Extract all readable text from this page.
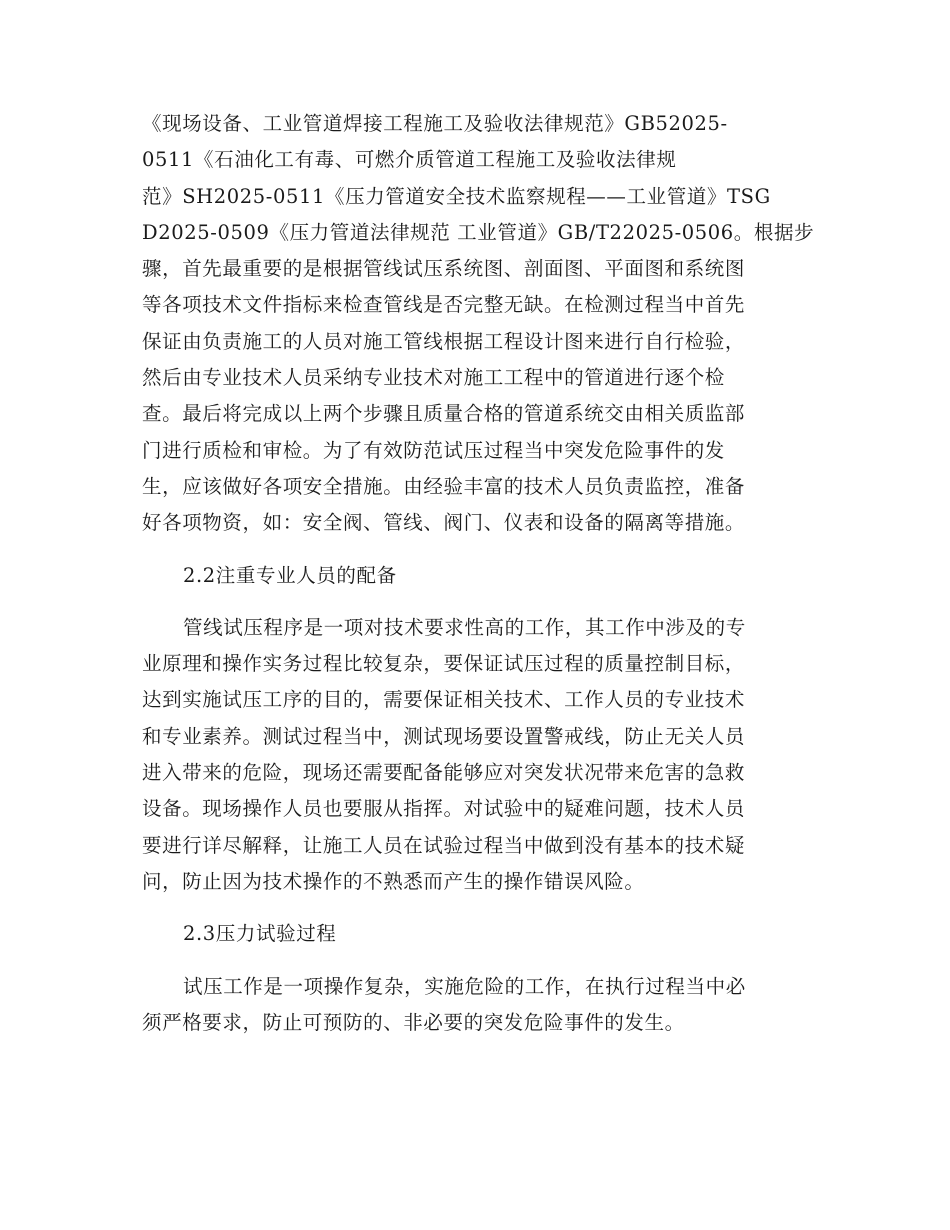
《现场设备、工业管道焊接工程施工及验收法律规范》GB52025-
0511《石油化工有毒、可燃介质管道工程施工及验收法律规
范》SH2025-0511《压力管道安全技术监察规程——工业管道》TSG
D2025-0509《压力管道法律规范 工业管道》GB/T22025-0506。根据步
骤，首先最重要的是根据管线试压系统图、剖面图、平面图和系统图
等各项技术文件指标来检查管线是否完整无缺。在检测过程当中首先
保证由负责施工的人员对施工管线根据工程设计图来进行自行检验，
然后由专业技术人员采纳专业技术对施工工程中的管道进行逐个检
查。最后将完成以上两个步骤且质量合格的管道系统交由相关质监部
门进行质检和审检。为了有效防范试压过程当中突发危险事件的发
生，应该做好各项安全措施。由经验丰富的技术人员负责监控，准备
好各项物资，如：安全阀、管线、阀门、仪表和设备的隔离等措施。
2.2注重专业人员的配备
管线试压程序是一项对技术要求性高的工作，其工作中涉及的专
业原理和操作实务过程比较复杂，要保证试压过程的质量控制目标，
达到实施试压工序的目的，需要保证相关技术、工作人员的专业技术
和专业素养。测试过程当中，测试现场要设置警戒线，防止无关人员
进入带来的危险，现场还需要配备能够应对突发状况带来危害的急救
设备。现场操作人员也要服从指挥。对试验中的疑难问题，技术人员
要进行详尽解释，让施工人员在试验过程当中做到没有基本的技术疑
问，防止因为技术操作的不熟悉而产生的操作错误风险。
2.3压力试验过程
试压工作是一项操作复杂，实施危险的工作，在执行过程当中必
须严格要求，防止可预防的、非必要的突发危险事件的发生。
